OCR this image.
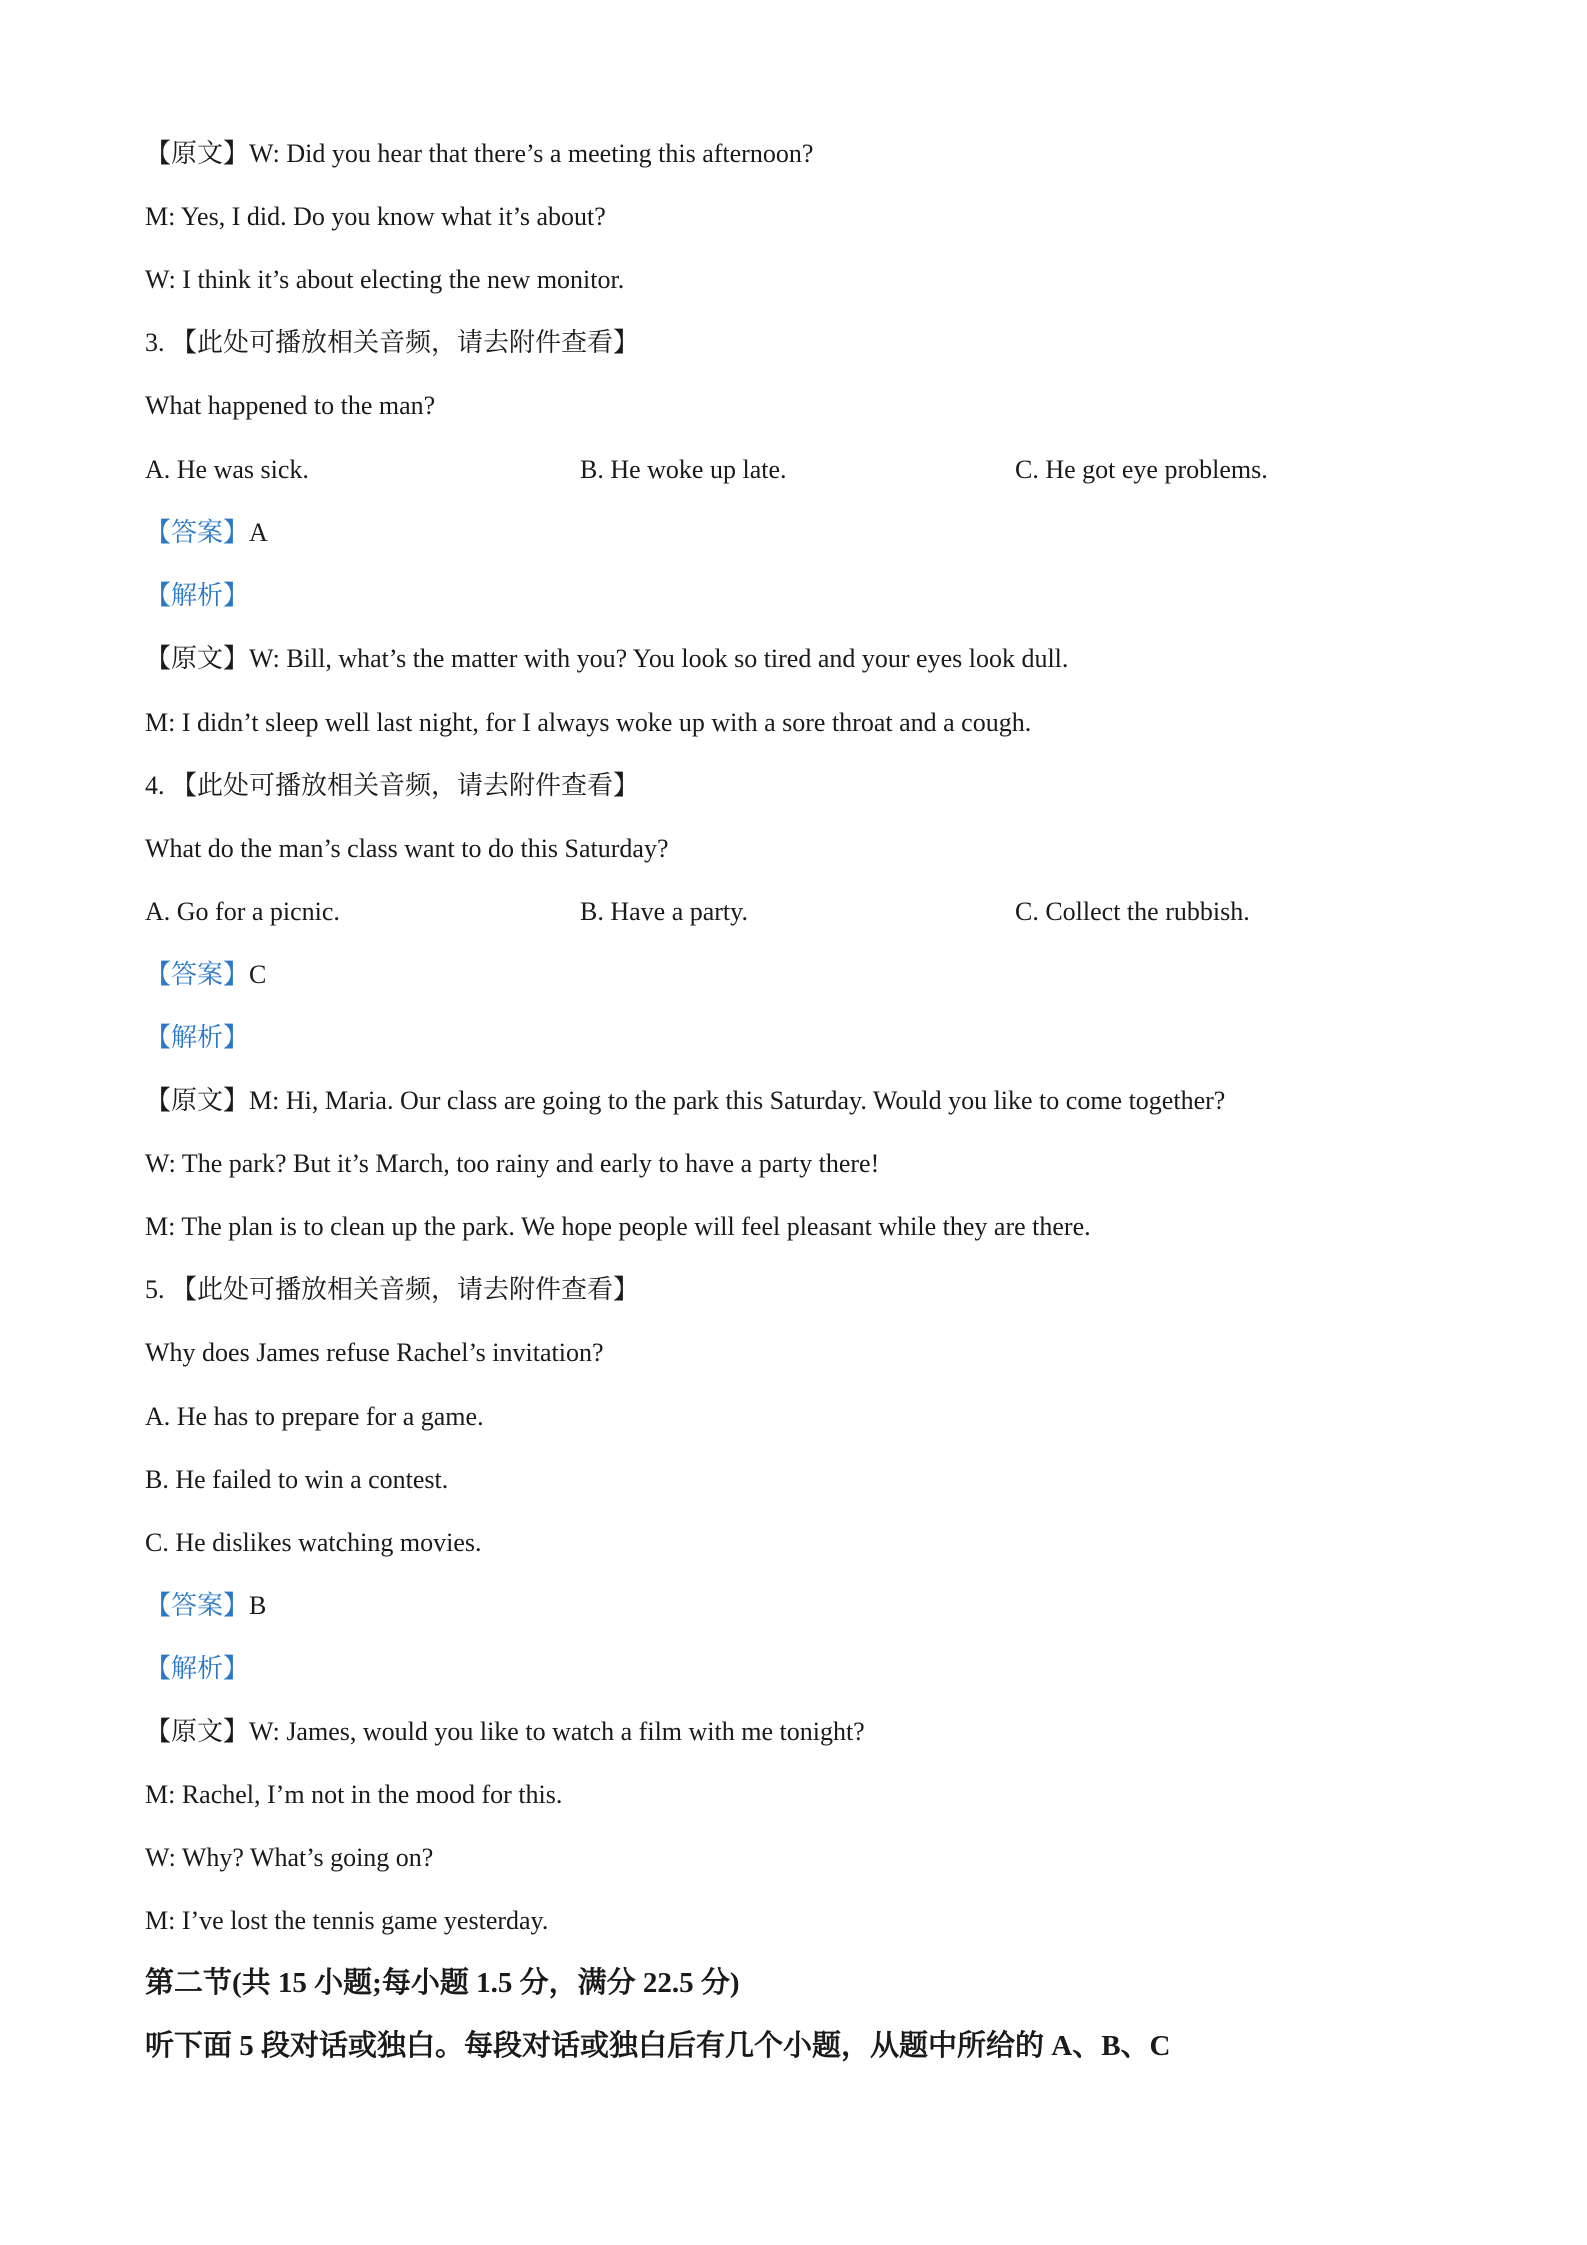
【原文】W: Did you hear that there’s a meeting this afternoon?
M: Yes, I did. Do you know what it’s about?
W: I think it’s about electing the new monitor.
3. 【此处可播放相关音频，请去附件查看】
What happened to the man?
A. He was sick.	B. He woke up late.	C. He got eye problems.
【答案】A
【解析】
【原文】W: Bill, what’s the matter with you? You look so tired and your eyes look dull.
M: I didn’t sleep well last night, for I always woke up with a sore throat and a cough.
4. 【此处可播放相关音频，请去附件查看】
What do the man’s class want to do this Saturday?
A. Go for a picnic.	B. Have a party.	C. Collect the rubbish.
【答案】C
【解析】
【原文】M: Hi, Maria. Our class are going to the park this Saturday. Would you like to come together?
W: The park? But it’s March, too rainy and early to have a party there!
M: The plan is to clean up the park. We hope people will feel pleasant while they are there.
5. 【此处可播放相关音频，请去附件查看】
Why does James refuse Rachel’s invitation?
A. He has to prepare for a game.
B. He failed to win a contest.
C. He dislikes watching movies.
【答案】B
【解析】
【原文】W: James, would you like to watch a film with me tonight?
M: Rachel, I’m not in the mood for this.
W: Why? What’s going on?
M: I’ve lost the tennis game yesterday.
第二节(共 15 小题;每小题 1.5 分，满分 22.5 分)
听下面 5 段对话或独白。每段对话或独白后有几个小题，从题中所给的 A、B、C
